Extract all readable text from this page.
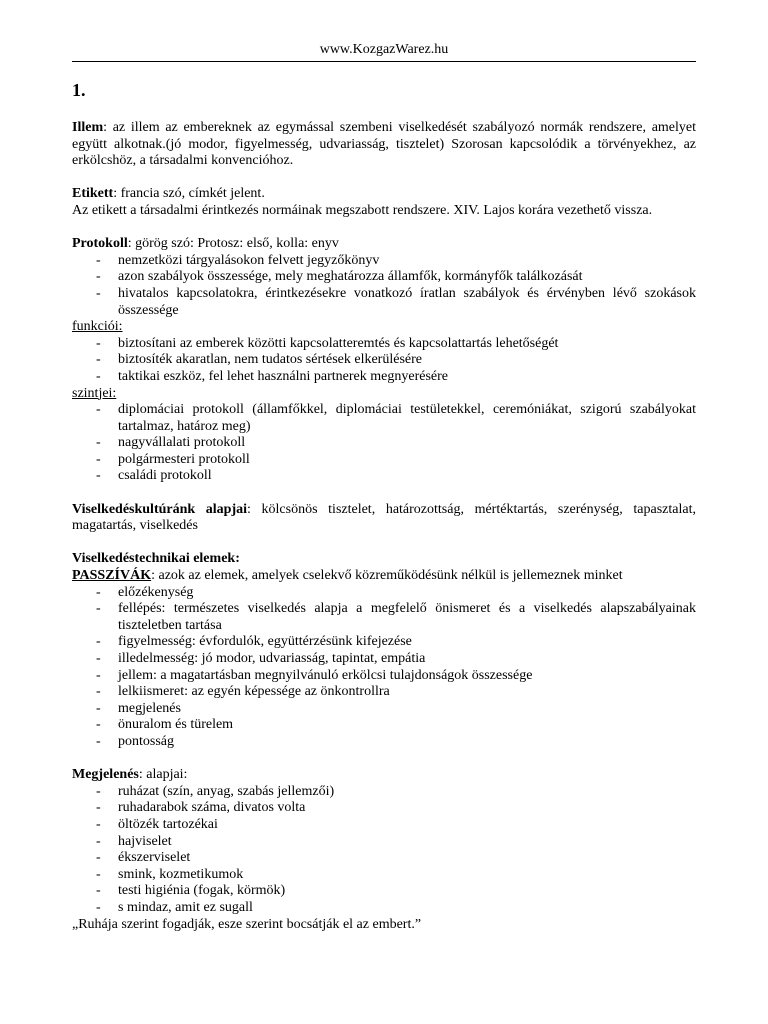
www.KozgazWarez.hu
1.

Illem: az illem az embereknek az egymással szembeni viselkedését szabályozó normák rendszere, amelyet együtt alkotnak.(jó modor, figyelmesség, udvariasság, tisztelet) Szorosan kapcsolódik a törvényekhez, az erkölcshöz, a társadalmi konvencióhoz.

Etikett: francia szó, címkét jelent.

Az etikett a társadalmi érintkezés normáinak megszabott rendszere. XIV. Lajos korára vezethető vissza.

Protokoll: görög szó: Protosz: első, kolla: enyv

- nemzetközi tárgyalásokon felvett jegyzőkönyv
- azon szabályok összessége, mely meghatározza államfők, kormányfők találkozását
- hivatalos kapcsolatokra, érintkezésekre vonatkozó íratlan szabályok és érvényben lévő szokások összessége

funkciói:

- biztosítani az emberek közötti kapcsolatteremtés és kapcsolattartás lehetőségét
- biztosíték akaratlan, nem tudatos sértések elkerülésére
- taktikai eszköz, fel lehet használni partnerek megnyerésére

szintjei:

- diplomáciai protokoll (államfőkkel, diplomáciai testületekkel, ceremóniákat, szigorú szabályokat tartalmaz, határoz meg)
- nagyvállalati protokoll
- polgármesteri protokoll
- családi protokoll

Viselkedéskultúránk alapjai: kölcsönös tisztelet, határozottság, mértéktartás, szerénység, tapasztalat, magatartás, viselkedés

Viselkedéstechnikai elemek:

PASSZÍVÁK: azok az elemek, amelyek cselekvő közreműködésünk nélkül is jellemeznek minket

- előzékenység
- fellépés: természetes viselkedés alapja a megfelelő önismeret és a viselkedés alapszabályainak tiszteletben tartása
- figyelmesség: évfordulók, együttérzésünk kifejezése
- illedelmesség: jó modor, udvariasság, tapintat, empátia
- jellem: a magatartásban megnyilvánuló erkölcsi tulajdonságok összessége
- lelkiismeret: az egyén képessége az önkontrollra
- megjelenés
- önuralom és türelem
- pontosság

Megjelenés: alapjai:

- ruházat (szín, anyag, szabás jellemzői)
- ruhadarabok száma, divatos volta
- öltözék tartozékai
- hajviselet
- ékszerviselet
- smink, kozmetikumok
- testi higiénia (fogak, körmök)
- s mindaz, amit ez sugall

„Ruhája szerint fogadják, esze szerint bocsátják el az embert.”
